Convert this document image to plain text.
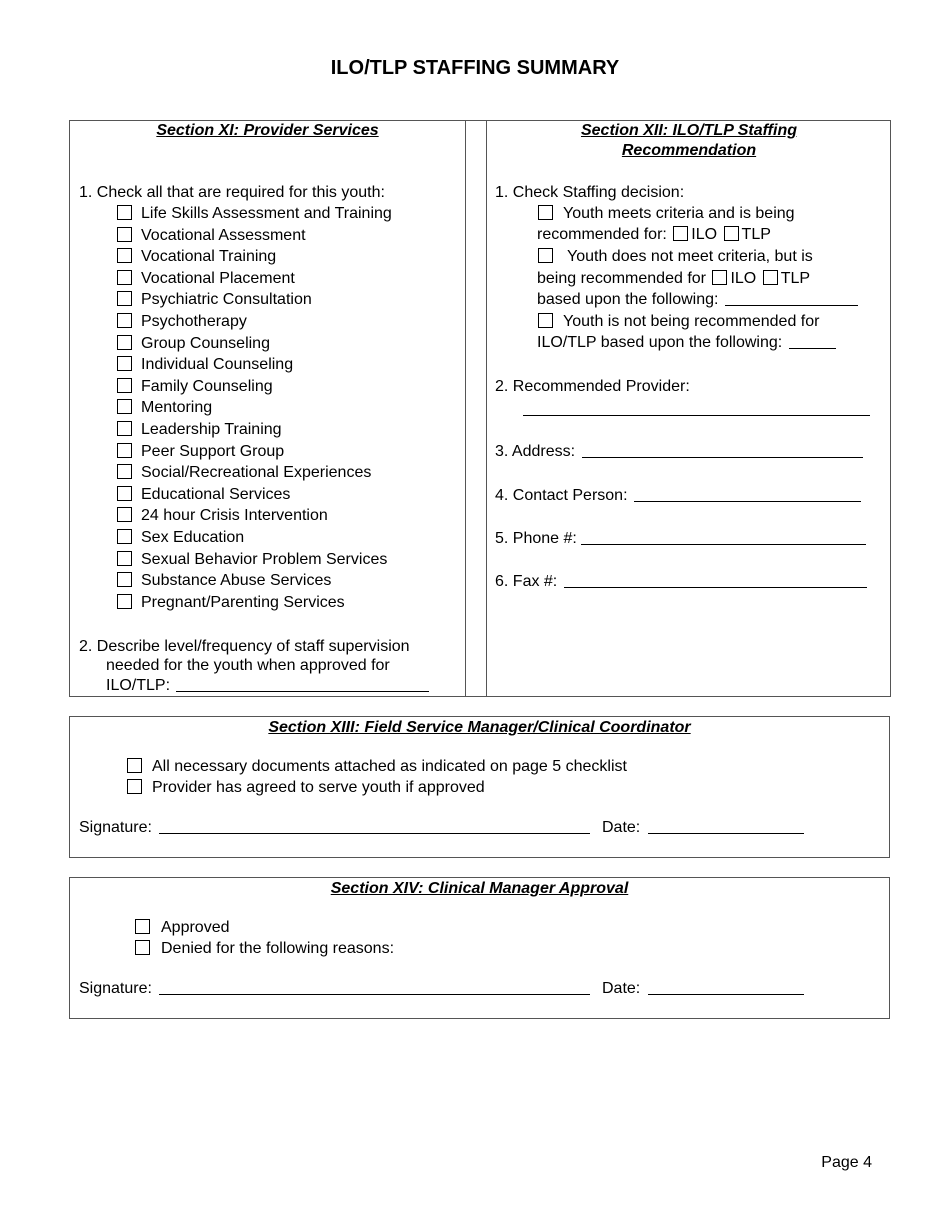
ILO/TLP STAFFING SUMMARY
Section XI: Provider Services
1. Check all that are required for this youth:
Life Skills Assessment and Training
Vocational Assessment
Vocational Training
Vocational Placement
Psychiatric Consultation
Psychotherapy
Group Counseling
Individual Counseling
Family Counseling
Mentoring
Leadership Training
Peer Support Group
Social/Recreational Experiences
Educational Services
24 hour Crisis Intervention
Sex Education
Sexual Behavior Problem Services
Substance Abuse Services
Pregnant/Parenting Services
2. Describe level/frequency of staff supervision
needed for the youth when approved for
ILO/TLP:
Section XII: ILO/TLP Staffing
Recommendation
1. Check Staffing decision:
Youth meets criteria and is being
recommended for: ILO TLP
Youth does not meet criteria, but is
being recommended for ILO TLP
based upon the following:
Youth is not being recommended for
ILO/TLP based upon the following:
2. Recommended Provider:
3. Address:
4. Contact Person:
5. Phone #:
6. Fax #:
Section XIII: Field Service Manager/Clinical Coordinator
All necessary documents attached as indicated on page 5 checklist
Provider has agreed to serve youth if approved
Signature:	Date:
Section XIV: Clinical Manager Approval
Approved
Denied for the following reasons:
Signature:	Date:
Page 4
